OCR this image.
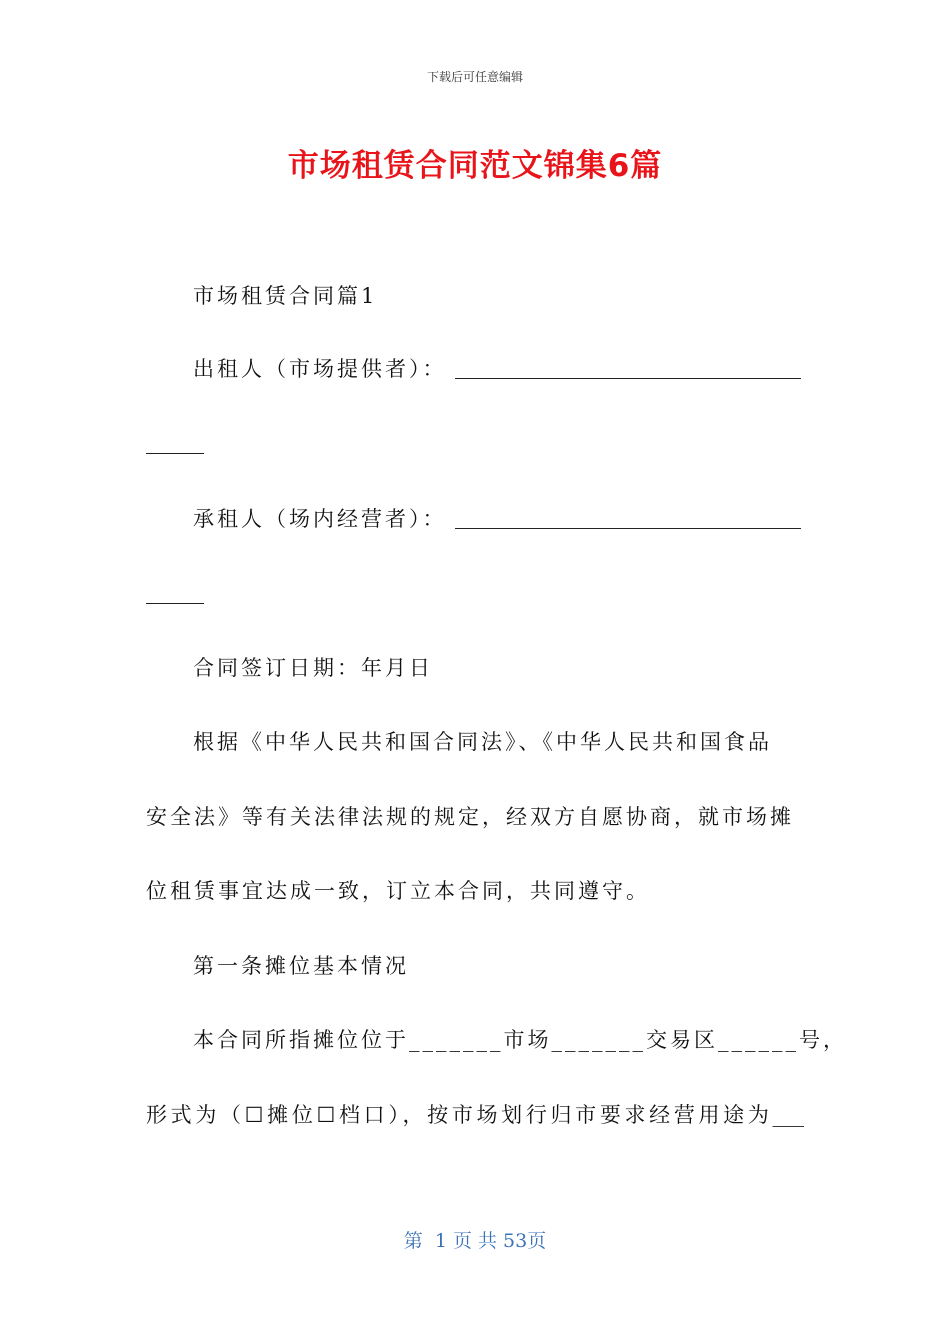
下载后可任意编辑
市场租赁合同范文锦集6篇
市场租赁合同篇1
出租人（市场提供者）：
承租人（场内经营者）：
合同签订日期：年月日
根据《中华人民共和国合同法》、《中华人民共和国食品
安全法》等有关法律法规的规定，经双方自愿协商，就市场摊
位租赁事宜达成一致，订立本合同，共同遵守。
第一条摊位基本情况
本合同所指摊位位于_______市场_______交易区______号，
形式为（☐摊位☐档口），按市场划行归市要求经营用途为___
第  1 页 共 53页
